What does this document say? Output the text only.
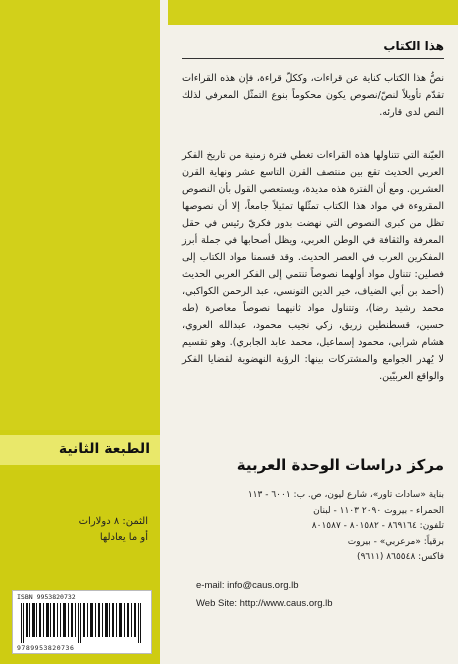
الطبعة الثانية
الثمن: ٨ دولارات
أو ما يعادلها
ISBN 9953820732
9789953820736
هذا الكتاب
نصُّ هذا الكتاب كناية عن قراءات، وككلّ قراءة، فإن هذه القراءات تقدّم تأويلاً لنصّ/نصوص يكون محكوماً بنوع التمثّل المعرفي لذلك النص لدى قارئه.
العيّنة التي تتناولها هذه القراءات تغطي فترة زمنية من تاريخ الفكر العربي الحديث تقع بين منتصف القرن التاسع عشر ونهاية القرن العشرين. ومع أن الفترة هذه مديدة، ويستعصي القول بأن النصوص المقروءة في مواد هذا الكتاب تمثّلها تمثيلاً جامعاً، إلا أن نصوصها تظل من كبرى النصوص التي نهضت بدور فكريّ رئيس في حقل المعرفة والثقافة في الوطن العربي، ويظل أصحابها في جملة أبرز المفكرين العرب في العصر الحديث. وقد قسمنا مواد الكتاب إلى فصلين: تتناول مواد أولهما نصوصاً تنتمي إلى الفكر العربي الحديث (أحمد بن أبي الضياف، خير الدين التونسي، عبد الرحمن الكواكبي، محمد رشيد رضا)، وتتناول مواد ثانيهما نصوصاً معاصرة (طه حسين، قسطنطين زريق، زكي نجيب محمود، عبدالله العروي، هشام شرابي، محمود إسماعيل، محمد عابد الجابري). وهو تقسيم لا يُهدر الجوامع والمشتركات بينها: الرؤية النهضوية لقضايا الفكر والواقع العربيّين.
مركز دراسات الوحدة العربية
بناية «سادات تاور»، شارع ليون، ص. ب: ٦٠٠١ - ١١٣
الحمراء - بيروت ٢٠٩٠ ١١٠٣ - لبنان
تلفون: ٨٦٩١٦٤ - ٨٠١٥٨٢ - ٨٠١٥٨٧
برقياً: «مرعربي» - بيروت
فاكس: ٨٦٥٥٤٨ (٩٦١١)
e-mail: info@caus.org.lb
Web Site: http://www.caus.org.lb
